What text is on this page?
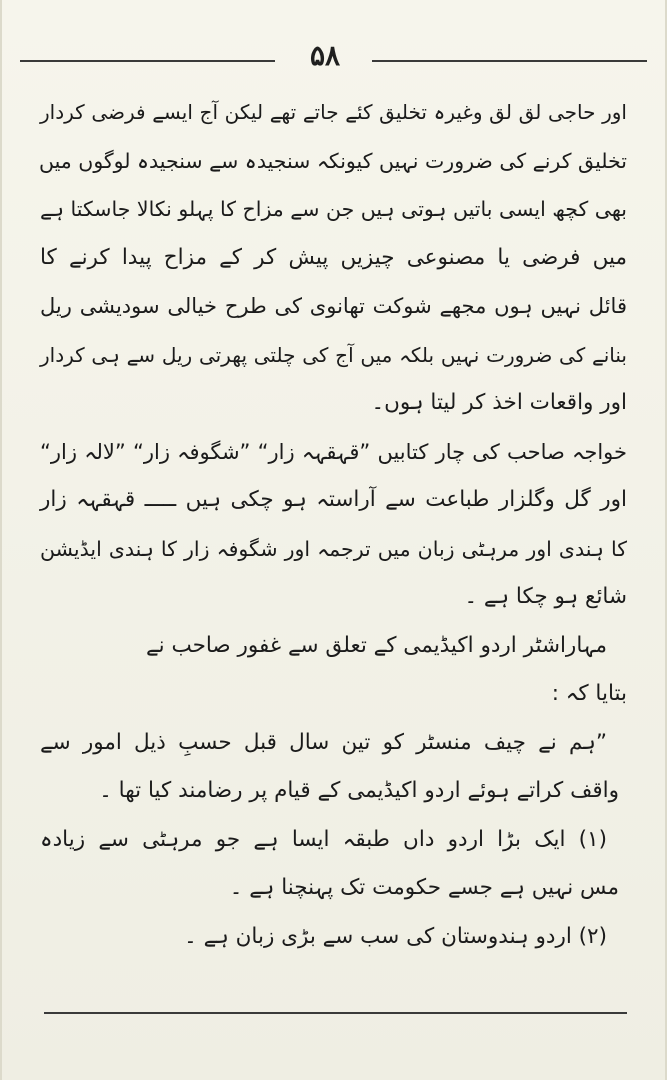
۵۸
اور حاجی لق لق وغیرہ تخلیق کئے جاتے تھے لیکن آج ایسے فرضی کردار
تخلیق کرنے کی ضرورت نہیں کیونکہ سنجیدہ سے سنجیدہ لوگوں میں
بھی کچھ ایسی باتیں ہوتی ہیں جن سے مزاح کا پہلو نکالا جاسکتا ہے
میں فرضی یا مصنوعی چیزیں پیش کر کے مزاح پیدا کرنے کا
قائل نہیں ہوں مجھے شوکت تھانوی کی طرح خیالی سودیشی ریل
بنانے کی ضرورت نہیں بلکہ میں آج کی چلتی پھرتی ریل سے ہی کردار
اور واقعات اخذ کر لیتا ہوں۔
خواجہ صاحب کی چار کتابیں ”قہقہہ زار“ ”شگوفہ زار“ ”لالہ زار“
اور گل وگلزار طباعت سے آراستہ ہو چکی ہیں ـــــ قہقہہ زار
کا ہندی اور مرہٹی زبان میں ترجمہ اور شگوفہ زار کا ہندی ایڈیشن
شائع ہو چکا ہے ۔
مہاراشٹر اردو اکیڈیمی کے تعلق سے غفور صاحب نے
بتایا کہ :
”ہم نے چیف منسٹر کو تین سال قبل حسبِ ذیل امور سے
واقف کراتے ہوئے اردو اکیڈیمی کے قیام پر رضامند کیا تھا ۔
(۱) ایک بڑا اردو داں طبقہ ایسا ہے جو مرہٹی سے زیادہ
مس نہیں ہے جسے حکومت تک پہنچنا ہے ۔
(۲) اردو ہندوستان کی سب سے بڑی زبان ہے ۔
